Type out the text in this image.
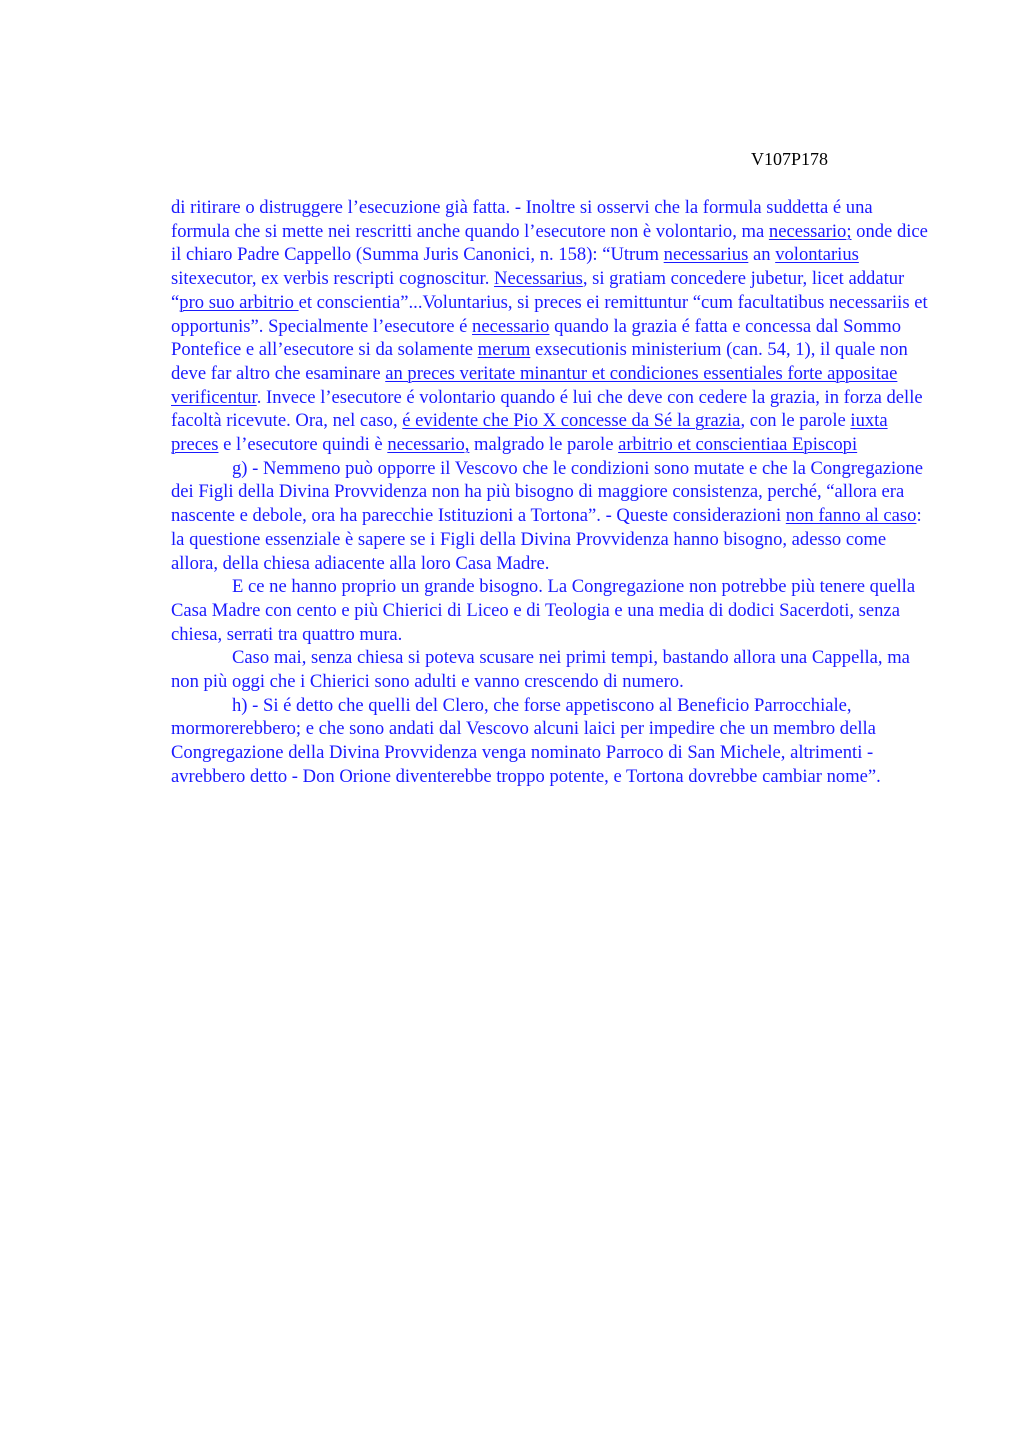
V107P178

di ritirare o distruggere l’esecuzione già fatta. - Inoltre si osservi che la formula suddetta é una formula che si mette nei rescritti anche quando l’esecutore non è volontario, ma necessario; onde dice il chiaro Padre Cappello (Summa Juris Canonici, n. 158): “Utrum necessarius an volontarius sitexecutor, ex verbis rescripti cognoscitur. Necessarius, si gratiam concedere jubetur, licet addatur “pro suo arbitrio et conscientia”...Voluntarius, si preces ei remittuntur “cum facultatibus necessariis et opportunis”. Specialmente l’esecutore é necessario quando la grazia é fatta e concessa dal Sommo Pontefice e all’esecutore si da solamente merum exsecutionis ministerium (can. 54, 1), il quale non deve far altro che esaminare an preces veritate minantur et condiciones essentiales forte appositae verificentur. Invece l’esecutore é volontario quando é lui che deve con cedere la grazia, in forza delle facoltà ricevute. Ora, nel caso, é evidente che Pio X concesse da Sé la grazia, con le parole iuxta preces e l’esecutore quindi è necessario, malgrado le parole arbitrio et conscientiaa Episcopi

g) - Nemmeno può opporre il Vescovo che le condizioni sono mutate e che la Congregazione dei Figli della Divina Provvidenza non ha più bisogno di maggiore consistenza, perché, “allora era nascente e debole, ora ha parecchie Istituzioni a Tortona”. - Queste considerazioni non fanno al caso: la questione essenziale è sapere se i Figli della Divina Provvidenza hanno bisogno, adesso come allora, della chiesa adiacente alla loro Casa Madre.

E ce ne hanno proprio un grande bisogno. La Congregazione non potrebbe più tenere quella Casa Madre con cento e più Chierici di Liceo e di Teologia e una media di dodici Sacerdoti, senza chiesa, serrati tra quattro mura.

Caso mai, senza chiesa si poteva scusare nei primi tempi, bastando allora una Cappella, ma non più oggi che i Chierici sono adulti e vanno crescendo di numero.

h) - Si é detto che quelli del Clero, che forse appetiscono al Beneficio Parrocchiale, mormorerebbero; e che sono andati dal Vescovo alcuni laici per impedire che un membro della Congregazione della Divina Provvidenza venga nominato Parroco di San Michele, altrimenti - avrebbero detto - Don Orione diventerebbe troppo potente, e Tortona dovrebbe cambiar nome”.
